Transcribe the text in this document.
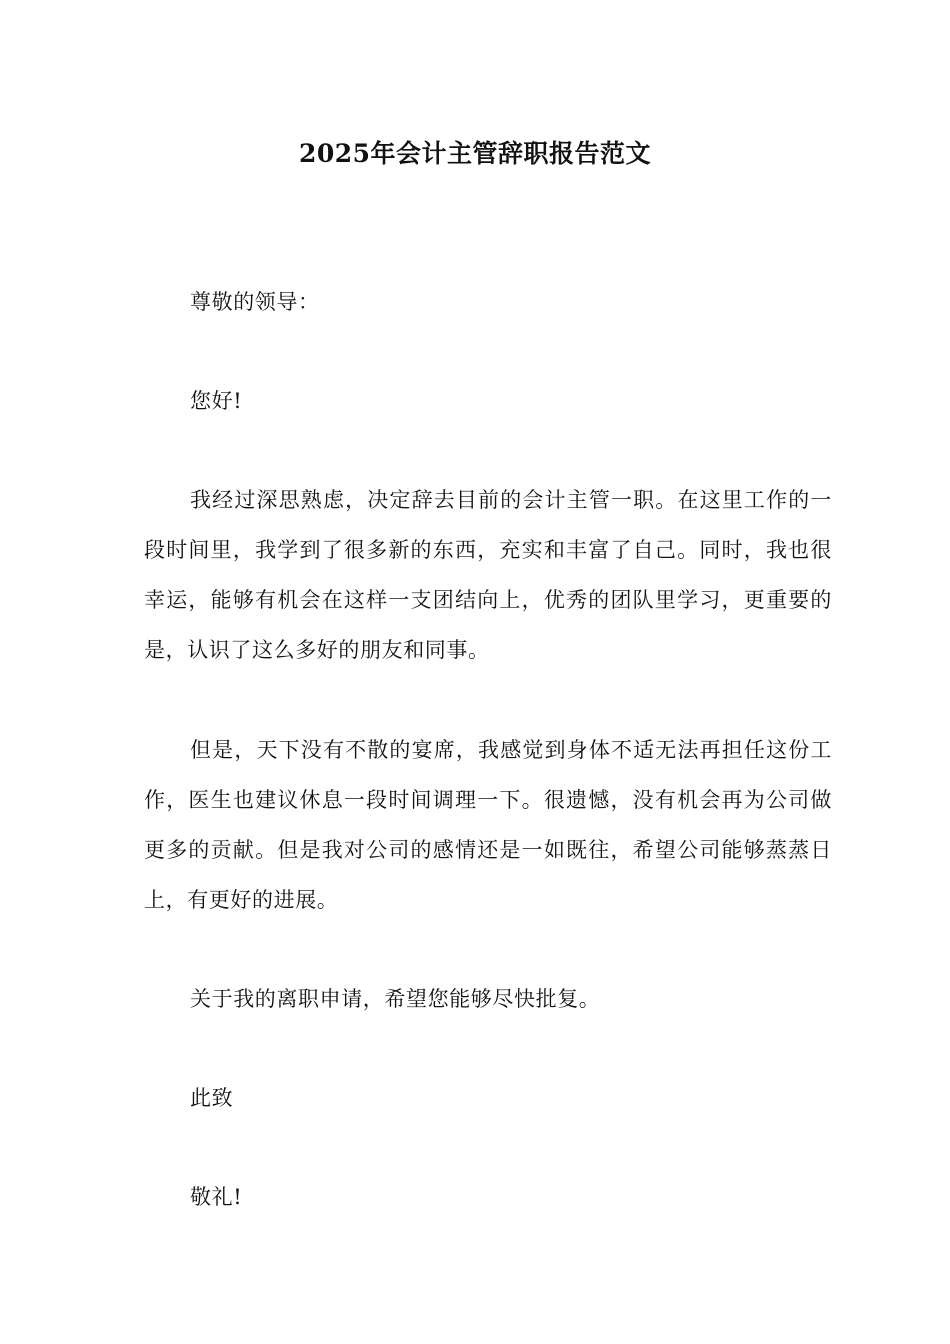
2025年会计主管辞职报告范文

尊敬的领导：

您好!

我经过深思熟虑，决定辞去目前的会计主管一职。在这里工作的一段时间里，我学到了很多新的东西，充实和丰富了自己。同时，我也很幸运，能够有机会在这样一支团结向上，优秀的团队里学习，更重要的是，认识了这么多好的朋友和同事。

但是，天下没有不散的宴席，我感觉到身体不适无法再担任这份工作，医生也建议休息一段时间调理一下。很遗憾，没有机会再为公司做更多的贡献。但是我对公司的感情还是一如既往，希望公司能够蒸蒸日上，有更好的进展。

关于我的离职申请，希望您能够尽快批复。

此致

敬礼!
